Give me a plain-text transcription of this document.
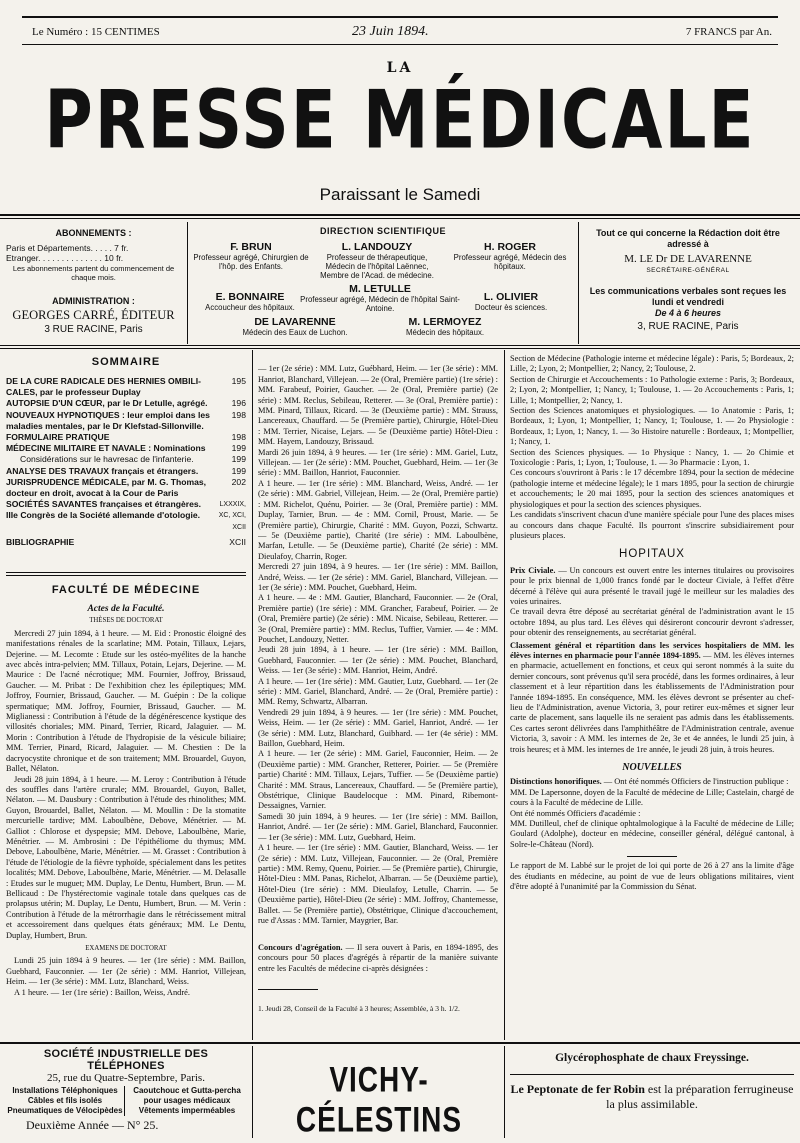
Le Numéro : 15 CENTIMES	23 Juin 1894.	7 FRANCS par An.
LA
PRESSE MÉDICALE
Paraissant le Samedi
ABONNEMENTS :
Paris et Départements. . . . . 7 fr.
Etranger. . . . . . . . . . . . . . 10 fr.
Les abonnements partent du commencement de chaque mois.
ADMINISTRATION :
GEORGES CARRÉ, ÉDITEUR
3 RUE RACINE, Paris
DIRECTION SCIENTIFIQUE
F. BRUN
Professeur agrégé, Chirurgien de l'hôp. des Enfants.
L. LANDOUZY
Professeur de thérapeutique, Médecin de l'hôpital Laënnec, Membre de l'Acad. de médecine.
H. ROGER
Professeur agrégé, Médecin des hôpitaux.
M. LETULLE
Professeur agrégé, Médecin de l'hôpital Saint-Antoine.
E. BONNAIRE
Accoucheur des hôpitaux.
L. OLIVIER
Docteur ès sciences.
DE LAVARENNE
Médecin des Eaux de Luchon.
M. LERMOYEZ
Médecin des hôpitaux.
Tout ce qui concerne la Rédaction doit être adressé à
M. LE Dr DE LAVARENNE
SECRÉTAIRE-GÉNÉRAL
Les communications verbales sont reçues les lundi et vendredi
De 4 à 6 heures
3, RUE RACINE, Paris
SOMMAIRE
DE LA CURE RADICALE DES HERNIES OMBILI-CALES, par le professeur Duplay
195
AUTOPSIE D'UN CŒUR, par le Dr Letulle, agrégé.	196
NOUVEAUX HYPNOTIQUES : leur emploi dans les maladies mentales, par le Dr Klefstad-Sillonville.
198
FORMULAIRE PRATIQUE	198
MÉDECINE MILITAIRE ET NAVALE : Nominations	199
Considérations sur le havresac de l'infanterie.	199
ANALYSE DES TRAVAUX français et étrangers.	199
JURISPRUDENCE MÉDICALE, par M. G. Thomas, docteur en droit, avocat à la Cour de Paris
202
SOCIÉTÉS SAVANTES françaises et étrangères. IIIe Congrès de la Société allemande d'otologie.
LXXXIX, XC, XCI, XCII
BIBLIOGRAPHIE	XCII
FACULTÉ DE MÉDECINE
Actes de la Faculté.
THÈSES DE DOCTORAT

Mercredi 27 juin 1894, à 1 heure. — M. Eid : Pronostic éloigné des manifestations rénales de la scarlatine; MM. Potain, Tillaux, Lejars, Dejerine. — M. Lecomte : Etude sur les ostéo-myélites de la hanche avec abcès intra-pelvien; MM. Tillaux, Potain, Lejars, Dejerine. — M. Maurice : De l'acné nécrotique; MM. Fournier, Joffroy, Brissaud, Gaucher. — M. Pribat : De l'exhibition chez les épileptiques; MM. Joffroy, Fournier, Brissaud, Gaucher. — M. Guépin : De la colique spermatique; MM. Joffroy, Fournier, Brissaud, Gaucher. — M. Miglianessi : Contribution à l'étude de la dégénérescence kystique des villosités choriales; MM. Pinard, Terrier, Ricard, Jalaguier. — M. Morin : Contribution à l'étude de l'hydropisie de la vésicule biliaire; MM. Terrier, Pinard, Ricard, Jalaguier. — M. Chestien : De la dacryocystite chronique et de son traitement; MM. Brouardel, Guyon, Ballet, Nélaton.

Jeudi 28 juin 1894, à 1 heure. — M. Leroy : Contribution à l'étude des souffles dans l'artère crurale; MM. Brouardel, Guyon, Ballet, Nélaton. — M. Dausbury : Contribution à l'étude des rhinolithes; MM. Guyon, Brouardel, Ballet, Nélaton. — M. Moullin : De la stomatite mercurielle tardive; MM. Laboulbène, Debove, Ménétrier. — M. Galliot : Chlorose et dyspepsie; MM. Debove, Laboulbène, Marie, Ménétrier. — M. Ambrosini : De l'épithéliome du thymus; MM. Debove, Laboulbène, Marie, Ménétrier. — M. Grasset : Contribution à l'étude de l'étiologie de la fièvre typhoïde, spécialement dans les petites localités; MM. Debove, Laboulbène, Marie, Ménétrier. — M. Delasalle : Etudes sur le muguet; MM. Duplay, Le Dentu, Humbert, Brun. — M. Bellicaud : De l'hystérectomie vaginale totale dans quelques cas de prolapsus utérin; M. Duplay, Le Dentu, Humbert, Brun. — M. Verin : Contribution à l'étude de la métrorrhagie dans le rétrécissement mitral et accessoirement dans quelques états généraux; MM. Le Dentu, Duplay, Humbert, Brun.

EXAMENS DE DOCTORAT

Lundi 25 juin 1894 à 9 heures. — 1er (1re série) : MM. Baillon, Guebhard, Fauconnier. — 1er (2e série) : MM. Hanriot, Villejean, Heim. — 1er (3e série) : MM. Lutz, Blanchard, Weiss.

A 1 heure. — 1er (1re série) : Baillon, Weiss, André.

— 1er (2e série) : MM. Lutz, Guébhard, Heim. — 1er (3e série) : MM. Hanriot, Blanchard, Villejean. — 2e (Oral, Première partie) (1re série) : MM. Farabeuf, Poirier, Gaucher. — 2e (Oral, Première partie) (2e série) : MM. Reclus, Sebileau, Retterer. — 3e (Oral, Première partie) : MM. Pinard, Tillaux, Ricard. — 3e (Deuxième partie) : MM. Strauss, Lancereaux, Chauffard. — 5e (Première partie), Chirurgie, Hôtel-Dieu : MM. Terrier, Nicaise, Lejars. — 5e (Deuxième partie) Hôtel-Dieu : MM. Hayem, Landouzy, Brissaud.
Mardi 26 juin 1894, à 9 heures. — 1er (1re série) : MM. Gariel, Lutz, Villejean. — 1er (2e série) : MM. Pouchet, Guebhard, Heim. — 1er (3e série) : MM. Baillon, Hanriot, Fauconnier.
A 1 heure. — 1er (1re série) : MM. Blanchard, Weiss, André. — 1er (2e série) : MM. Gabriel, Villejean, Heim. — 2e (Oral, Première partie) : MM. Richelot, Quénu, Poirier. — 3e (Oral, Première partie) : MM. Duplay, Tarnier, Brun. — 4e : MM. Cornil, Proust, Marie. — 5e (Première partie), Chirurgie, Charité : MM. Guyon, Pozzi, Schwartz. — 5e (Deuxième partie), Charité (1re série) : MM. Laboulbène, Marfan, Letulle. — 5e (Deuxième partie), Charité (2e série) : MM. Dieulafoy, Charrin, Roger.
Mercredi 27 juin 1894, à 9 heures. — 1er (1re série) : MM. Baillon, André, Weiss. — 1er (2e série) : MM. Gariel, Blanchard, Villejean. — 1er (3e série) : MM. Pouchet, Guebhard, Heim.
A 1 heure. — 4e : MM. Gautier, Blanchard, Fauconnier. — 2e (Oral, Première partie) (1re série) : MM. Grancher, Farabeuf, Poirier. — 2e (Oral, Première partie) (2e série) : MM. Nicaise, Sebileau, Retterer. — 3e (Oral, Première partie) : MM. Reclus, Tuffier, Varnier. — 4e : MM. Pouchet, Landouzy, Netter.
Jeudi 28 juin 1894, à 1 heure. — 1er (1re série) : MM. Baillon, Guebhard, Fauconnier. — 1er (2e série) : MM. Pouchet, Blanchard, Weiss. — 1er (3e série) : MM. Hanriot, Heim, André.
A 1 heure. — 1er (1re série) : MM. Gautier, Lutz, Guebhard. — 1er (2e série) : MM. Gariel, Blanchard, André. — 2e (Oral, Première partie) : MM. Remy, Schwartz, Albarran.
Vendredi 29 juin 1894, à 9 heures. — 1er (1re série) : MM. Pouchet, Weiss, Heim. — 1er (2e série) : MM. Gariel, Hanriot, André. — 1er (3e série) : MM. Lutz, Blanchard, Guibhard. — 1er (4e série) : MM. Baillon, Guebhard, Heim.
A 1 heure. — 1er (2e série) : MM. Gariel, Fauconnier, Heim. — 2e (Deuxième partie) : MM. Grancher, Retterer, Poirier. — 5e (Première partie) Charité : MM. Tillaux, Lejars, Tuffier. — 5e (Deuxième partie) Charité : MM. Straus, Lancereaux, Chauffard. — 5e (Première partie), Obstétrique, Clinique Baudelocque : MM. Pinard, Ribemont-Dessaignes, Varnier.
Samedi 30 juin 1894, à 9 heures. — 1er (1re série) : MM. Baillon, Hanriot, André. — 1er (2e série) : MM. Gariel, Blanchard, Fauconnier. — 1er (3e série) : MM. Lutz, Guebhard, Heim.
A 1 heure. — 1er (1re série) : MM. Gautier, Blanchard, Weiss. — 1er (2e série) : MM. Lutz, Villejean, Fauconnier. — 2e (Oral, Première partie) : MM. Remy, Quenu, Poirier. — 5e (Première partie), Chirurgie, Hôtel-Dieu : MM. Panas, Richelot, Albarran. — 5e (Deuxième partie), Hôtel-Dieu (1re série) : MM. Dieulafoy, Letulle, Charrin. — 5e (Deuxième partie), Hôtel-Dieu (2e série) : MM. Joffroy, Chantemesse, Ballet. — 5e (Première partie), Obstétrique, Clinique d'accouchement, rue d'Assas : MM. Tarnier, Maygrier, Bar.

Concours d'agrégation. — Il sera ouvert à Paris, en 1894-1895, des concours pour 50 places d'agrégés à répartir de la manière suivante entre les Facultés de médecine ci-après désignées :

1. Jeudi 28, Conseil de la Faculté à 3 heures; Assemblée, à 3 h. 1/2.

Section de Médecine (Pathologie interne et médecine légale) : Paris, 5; Bordeaux, 2; Lille, 2; Lyon, 2; Montpellier, 2; Nancy, 2; Toulouse, 2.
Section de Chirurgie et Accouchements : 1o Pathologie externe : Paris, 3; Bordeaux, 2; Lyon, 2; Montpellier, 1; Nancy, 1; Toulouse, 1. — 2o Accouchements : Paris, 1; Lille, 1; Montpellier, 2; Nancy, 1.
Section des Sciences anatomiques et physiologiques. — 1o Anatomie : Paris, 1; Bordeaux, 1; Lyon, 1; Montpellier, 1; Nancy, 1; Toulouse, 1. — 2o Physiologie : Bordeaux, 1; Lyon, 1; Nancy, 1. — 3o Histoire naturelle : Bordeaux, 1; Montpellier, 1; Nancy, 1.
Section des Sciences physiques. — 1o Physique : Nancy, 1. — 2o Chimie et Toxicologie : Paris, 1; Lyon, 1; Toulouse, 1. — 3o Pharmacie : Lyon, 1.
Ces concours s'ouvriront à Paris : le 17 décembre 1894, pour la section de médecine (pathologie interne et médecine légale); le 1 mars 1895, pour la section de chirurgie et accouchements; le 20 mai 1895, pour la section des sciences anatomiques et physiologiques et pour la section des sciences physiques.
Les candidats s'inscrivent chacun d'une manière spéciale pour l'une des places mises au concours dans chaque Faculté. Ils pourront s'inscrire subsidiairement pour plusieurs places.
HOPITAUX
Prix Civiale. — Un concours est ouvert entre les internes titulaires ou provisoires pour le prix biennal de 1,000 francs fondé par le docteur Civiale, à l'effet d'être décerné à l'élève qui aura présenté le travail jugé le meilleur sur les maladies des voies urinaires.
Ce travail devra être déposé au secrétariat général de l'administration avant le 15 octobre 1894, au plus tard. Les élèves qui désireront concourir devront s'adresser, pour obtenir des renseignements, au secrétariat général.
Classement général et répartition dans les services hospitaliers de MM. les élèves internes en pharmacie pour l'année 1894-1895. — MM. les élèves internes en pharmacie, actuellement en fonctions, et ceux qui seront nommés à la suite du dernier concours, sont prévenus qu'il sera procédé, dans les formes ordinaires, à leur classement et à leur répartition dans les établissements de l'Administration pour l'année 1894-1895. En conséquence, MM. les élèves devront se présenter au chef-lieu de l'Administration, avenue Victoria, 3, pour retirer eux-mêmes et signer leur carte de placement, sans laquelle ils ne seraient pas admis dans les établissements. Ces cartes seront délivrées dans l'amphithéâtre de l'Administration centrale, avenue Victoria, 3, savoir : A MM. les internes de 2e, 3e et 4e années, le lundi 25 juin, à trois heures; et à MM. les internes de 1re année, le jeudi 28 juin, à trois heures.
NOUVELLES
Distinctions honorifiques. — Ont été nommés Officiers de l'instruction publique :
MM. De Lapersonne, doyen de la Faculté de médecine de Lille; Castelain, chargé de cours à la Faculté de médecine de Lille.
Ont été nommés Officiers d'académie :
MM. Dutilleul, chef de clinique ophtalmologique à la Faculté de médecine de Lille; Goulard (Adolphe), docteur en médecine, conseiller général, délégué cantonal, à Solre-le-Château (Nord).
Le rapport de M. Labbé sur le projet de loi qui porte de 26 à 27 ans la limite d'âge des étudiants en médecine, au point de vue de leurs obligations militaires, vient d'être adopté à l'unanimité par la Commission du Sénat.
SOCIÉTÉ INDUSTRIELLE DES TÉLÉPHONES
25, rue du Quatre-Septembre, Paris.
Installations Téléphoniques
Câbles et fils isolés
Pneumatiques de Vélocipèdes
Caoutchouc et Gutta-percha
pour usages médicaux
Vêtements imperméables
Deuxième Année — N° 25.
VICHY-CÉLESTINS
Glycérophosphate de chaux Freyssinge.
Le Peptonate de fer Robin est la préparation ferrugineuse la plus assimilable.
